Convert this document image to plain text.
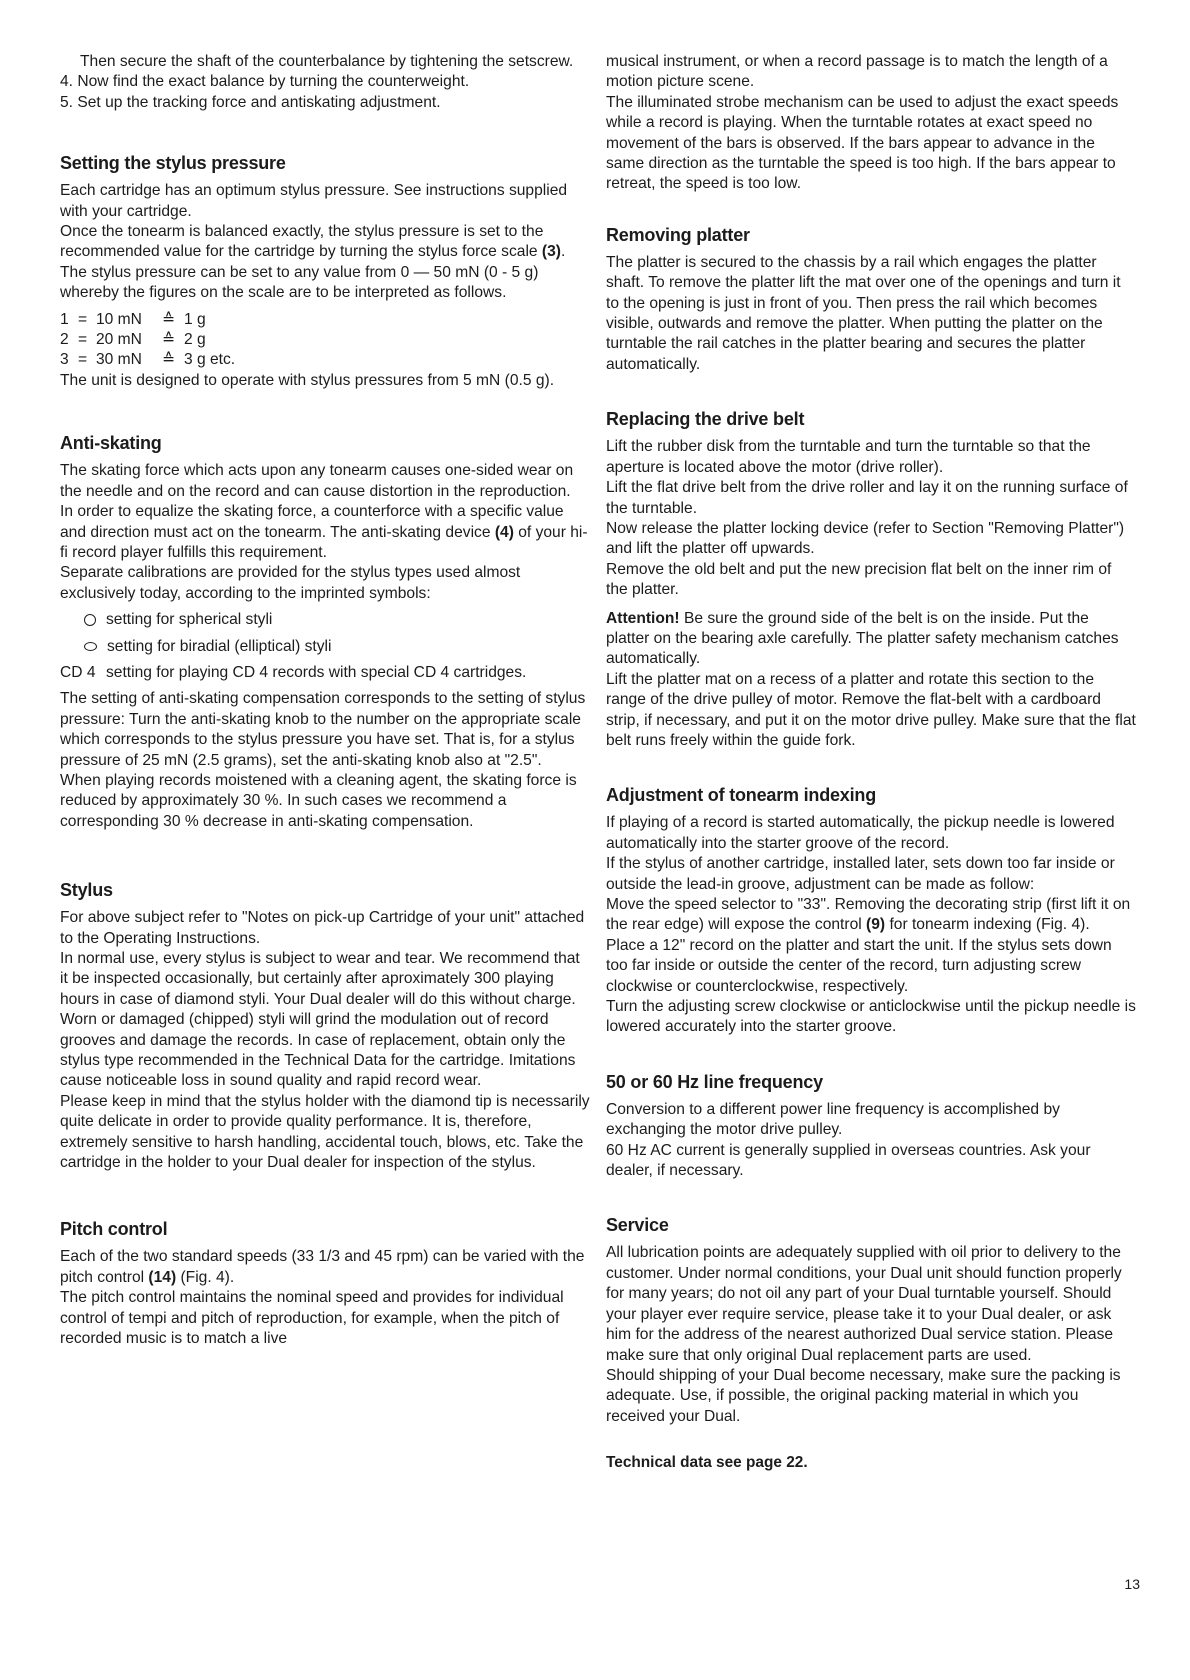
Then secure the shaft of the counterbalance by tightening the setscrew.

4. Now find the exact balance by turning the counterweight.

5. Set up the tracking force and antiskating adjustment.

Setting the stylus pressure

Each cartridge has an optimum stylus pressure. See instructions supplied with your cartridge.

Once the tonearm is balanced exactly, the stylus pressure is set to the recommended value for the cartridge by turning the stylus force scale (3). The stylus pressure can be set to any value from 0 — 50 mN (0 - 5 g) whereby the figures on the scale are to be interpreted as follows.

1 = 10 mN	≙ 1 g
2 = 20 mN	≙ 2 g
3 = 30 mN	≙ 3 g etc.

The unit is designed to operate with stylus pressures from 5 mN (0.5 g).

Anti-skating

The skating force which acts upon any tonearm causes one-sided wear on the needle and on the record and can cause distortion in the reproduction.

In order to equalize the skating force, a counterforce with a specific value and direction must act on the tonearm. The anti-skating device (4) of your hi-fi record player fulfills this requirement.

Separate calibrations are provided for the stylus types used almost exclusively today, according to the imprinted symbols:

setting for spherical styli
setting for biradial (elliptical) styli
CD 4 setting for playing CD 4 records with special CD 4 cartridges.

The setting of anti-skating compensation corresponds to the setting of stylus pressure: Turn the anti-skating knob to the number on the appropriate scale which corresponds to the stylus pressure you have set. That is, for a stylus pressure of 25 mN (2.5 grams), set the anti-skating knob also at "2.5".

When playing records moistened with a cleaning agent, the skating force is reduced by approximately 30 %. In such cases we recommend a corresponding 30 % decrease in anti-skating compensation.

Stylus

For above subject refer to "Notes on pick-up Cartridge of your unit" attached to the Operating Instructions.

In normal use, every stylus is subject to wear and tear. We recommend that it be inspected occasionally, but certainly after aproximately 300 playing hours in case of diamond styli. Your Dual dealer will do this without charge. Worn or damaged (chipped) styli will grind the modulation out of record grooves and damage the records. In case of replacement, obtain only the stylus type recommended in the Technical Data for the cartridge. Imitations cause noticeable loss in sound quality and rapid record wear.

Please keep in mind that the stylus holder with the diamond tip is necessarily quite delicate in order to provide quality performance. It is, therefore, extremely sensitive to harsh handling, accidental touch, blows, etc. Take the cartridge in the holder to your Dual dealer for inspection of the stylus.

Pitch control

Each of the two standard speeds (33 1/3 and 45 rpm) can be varied with the pitch control (14) (Fig. 4).

The pitch control maintains the nominal speed and provides for individual control of tempi and pitch of reproduction, for example, when the pitch of recorded music is to match a live

musical instrument, or when a record passage is to match the length of a motion picture scene.

The illuminated strobe mechanism can be used to adjust the exact speeds while a record is playing. When the turntable rotates at exact speed no movement of the bars is observed. If the bars appear to advance in the same direction as the turntable the speed is too high. If the bars appear to retreat, the speed is too low.

Removing platter

The platter is secured to the chassis by a rail which engages the platter shaft. To remove the platter lift the mat over one of the openings and turn it to the opening is just in front of you. Then press the rail which becomes visible, outwards and remove the platter. When putting the platter on the turntable the rail catches in the platter bearing and secures the platter automatically.

Replacing the drive belt

Lift the rubber disk from the turntable and turn the turntable so that the aperture is located above the motor (drive roller).

Lift the flat drive belt from the drive roller and lay it on the running surface of the turntable.

Now release the platter locking device (refer to Section "Removing Platter") and lift the platter off upwards.

Remove the old belt and put the new precision flat belt on the inner rim of the platter.

Attention! Be sure the ground side of the belt is on the inside. Put the platter on the bearing axle carefully. The platter safety mechanism catches automatically.

Lift the platter mat on a recess of a platter and rotate this section to the range of the drive pulley of motor. Remove the flat-belt with a cardboard strip, if necessary, and put it on the motor drive pulley. Make sure that the flat belt runs freely within the guide fork.

Adjustment of tonearm indexing

If playing of a record is started automatically, the pickup needle is lowered automatically into the starter groove of the record.

If the stylus of another cartridge, installed later, sets down too far inside or outside the lead-in groove, adjustment can be made as follow:

Move the speed selector to "33". Removing the decorating strip (first lift it on the rear edge) will expose the control (9) for tonearm indexing (Fig. 4).

Place a 12" record on the platter and start the unit. If the stylus sets down too far inside or outside the center of the record, turn adjusting screw clockwise or counterclockwise, respectively.

Turn the adjusting screw clockwise or anticlockwise until the pickup needle is lowered accurately into the starter groove.

50 or 60 Hz line frequency

Conversion to a different power line frequency is accomplished by exchanging the motor drive pulley.

60 Hz AC current is generally supplied in overseas countries. Ask your dealer, if necessary.

Service

All lubrication points are adequately supplied with oil prior to delivery to the customer. Under normal conditions, your Dual unit should function properly for many years; do not oil any part of your Dual turntable yourself. Should your player ever require service, please take it to your Dual dealer, or ask him for the address of the nearest authorized Dual service station. Please make sure that only original Dual replacement parts are used.

Should shipping of your Dual become necessary, make sure the packing is adequate. Use, if possible, the original packing material in which you received your Dual.

Technical data see page 22.

13
